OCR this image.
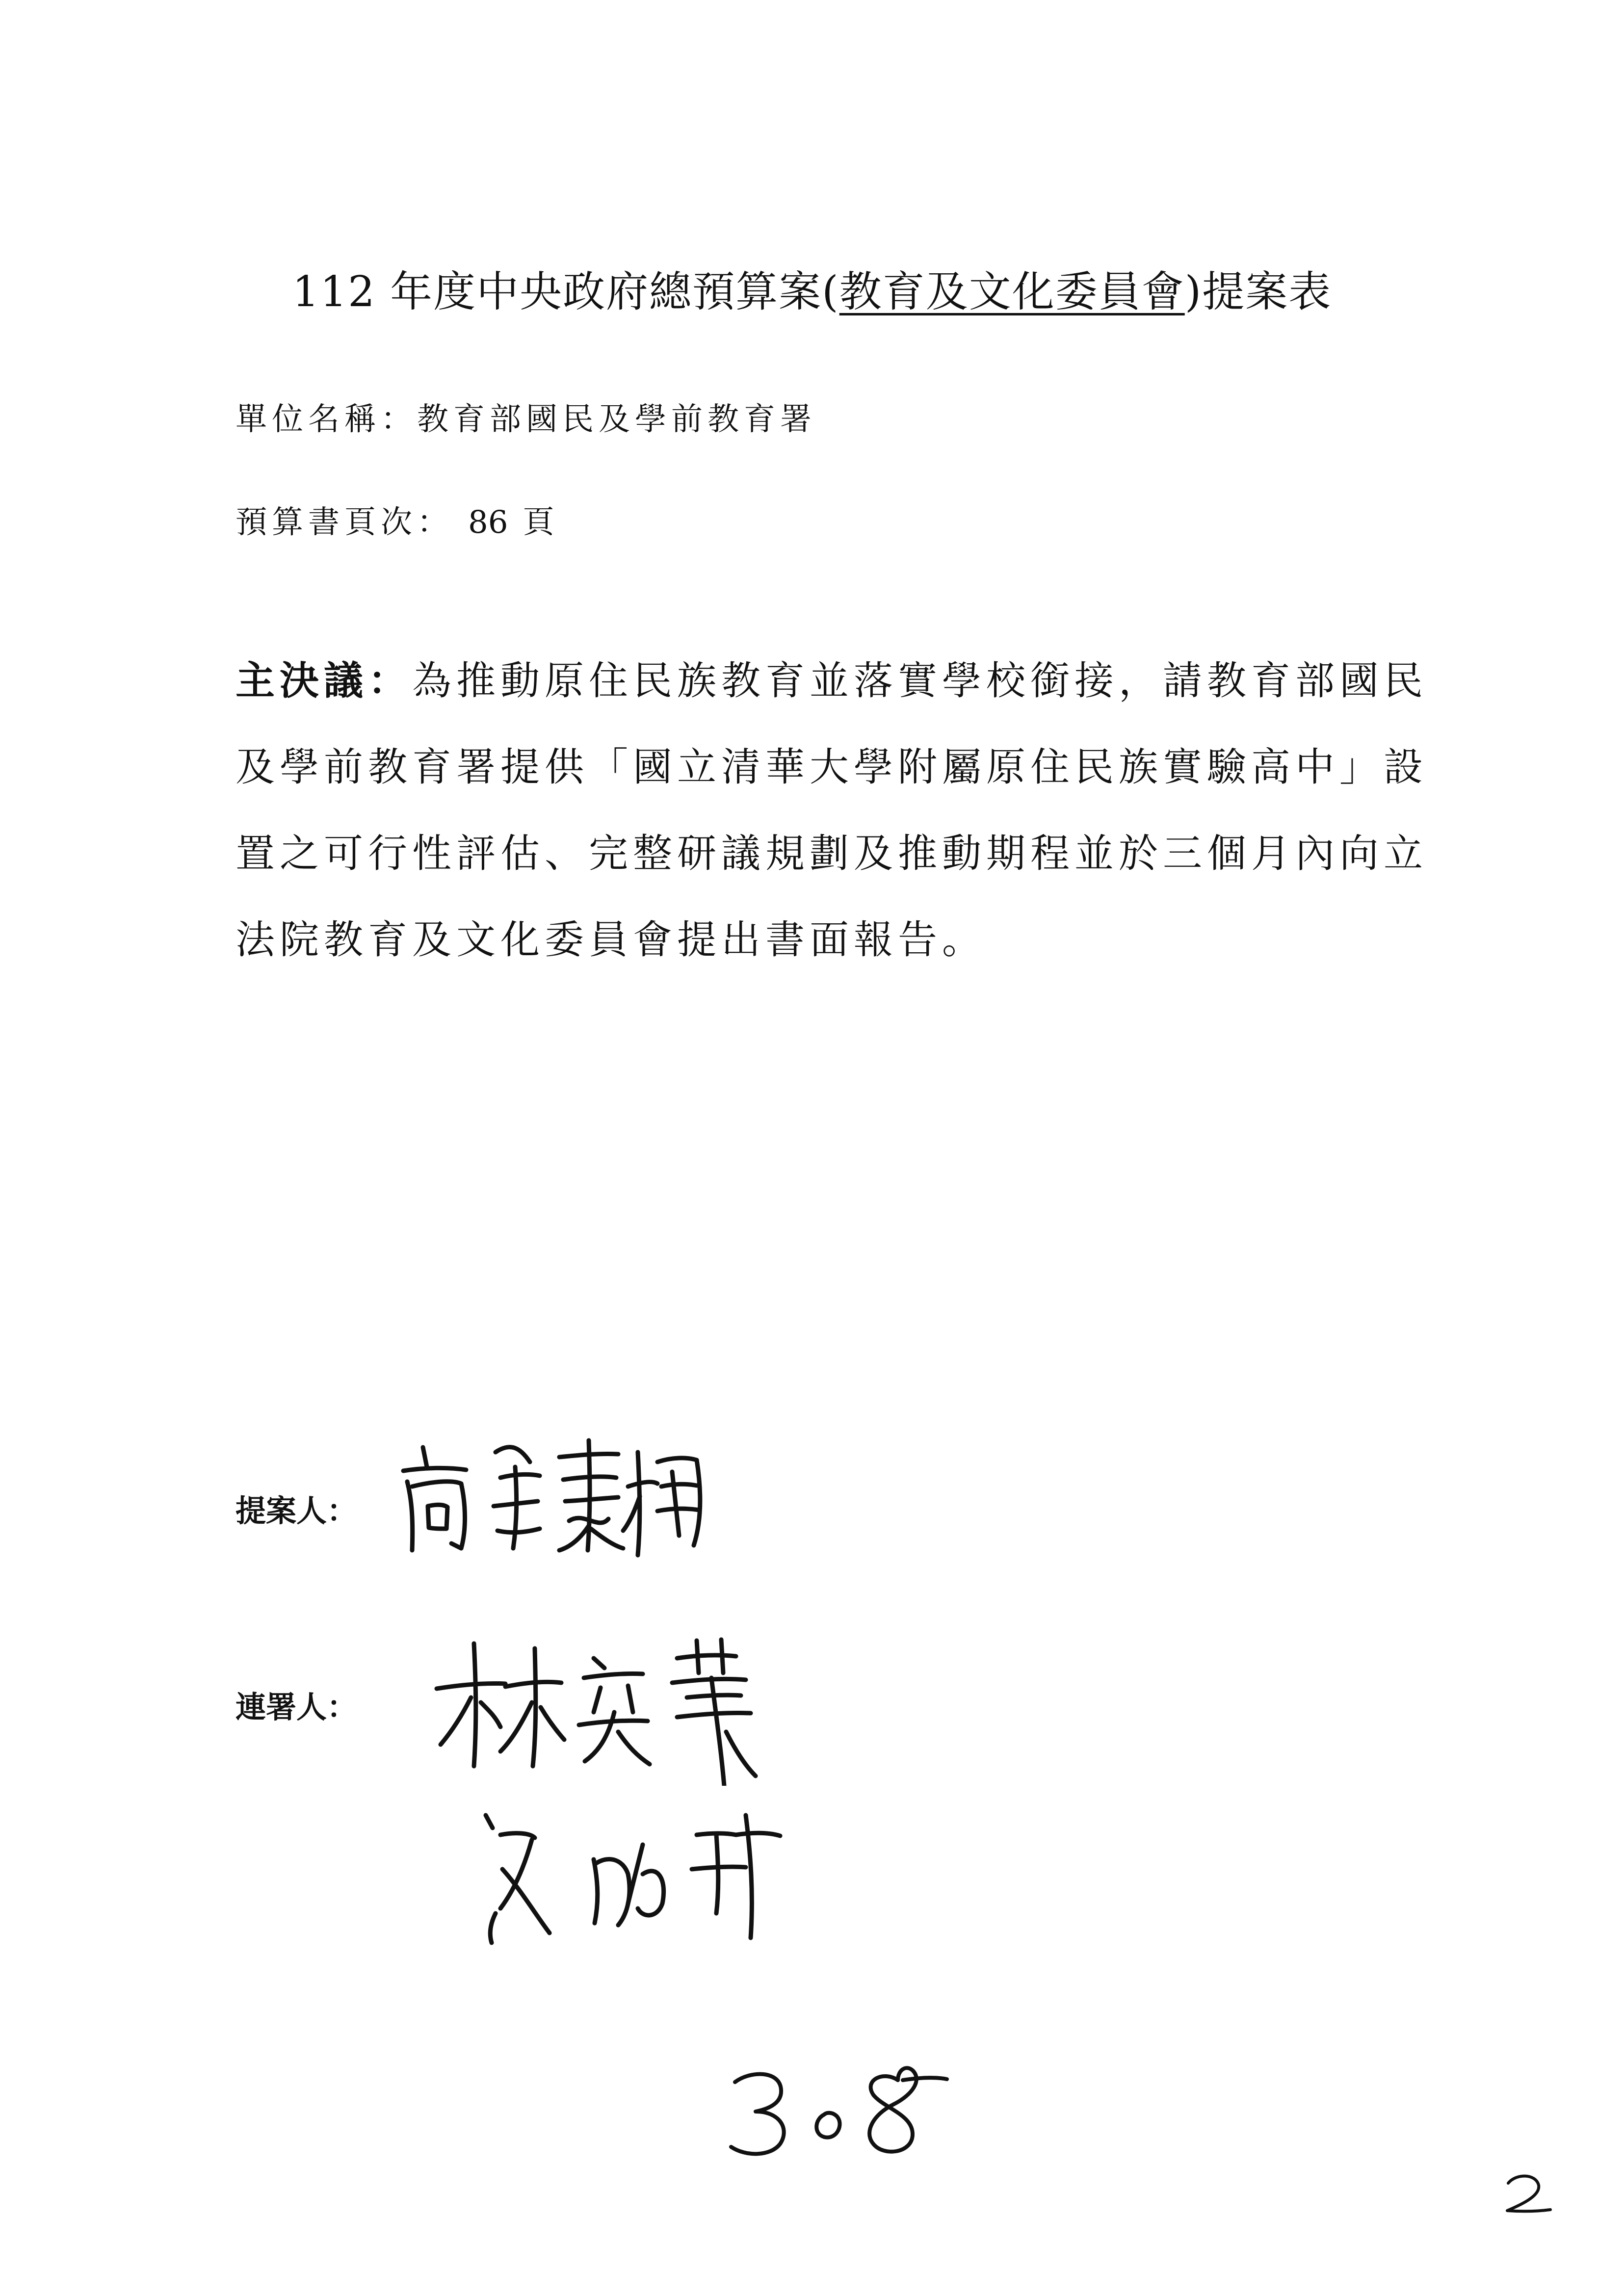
112 年度中央政府總預算案(教育及文化委員會)提案表
單位名稱：教育部國民及學前教育署
預算書頁次： 86 頁
主決議：為推動原住民族教育並落實學校銜接，請教育部國民及學前教育署提供「國立清華大學附屬原住民族實驗高中」設置之可行性評估、完整研議規劃及推動期程並於三個月內向立法院教育及文化委員會提出書面報告。
提案人：
連署人：
